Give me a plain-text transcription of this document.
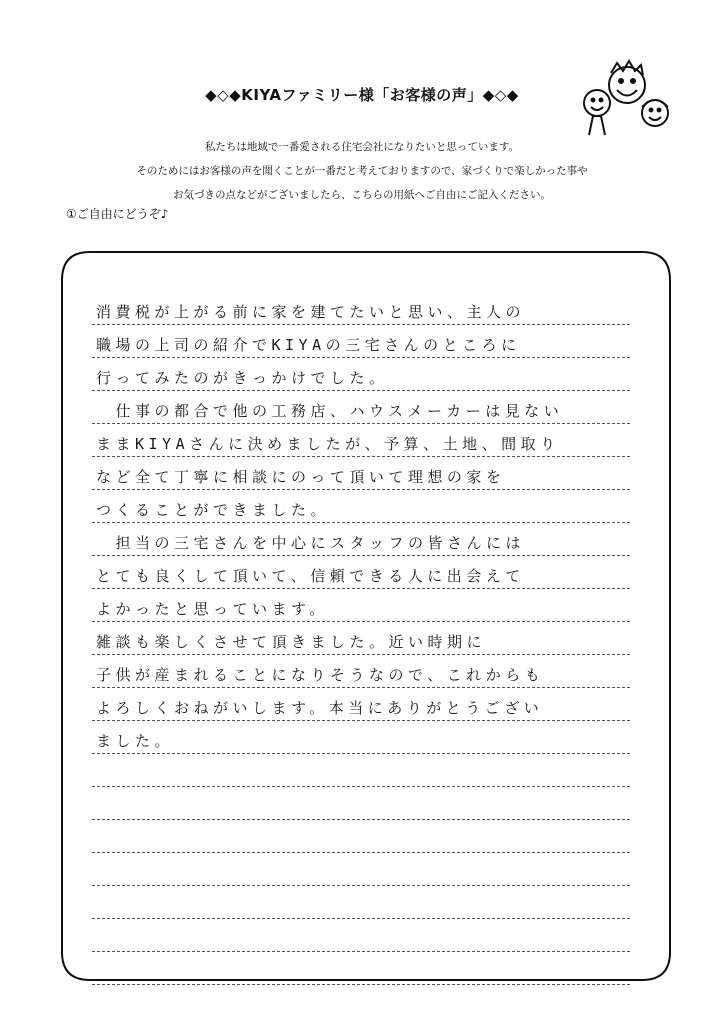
◆◇◆KIYAファミリー様「お客様の声」◆◇◆
私たちは地域で一番愛される住宅会社になりたいと思っています。
そのためにはお客様の声を聞くことが一番だと考えておりますので、家づくりで楽しかった事や
お気づきの点などがございましたら、こちらの用紙へご自由にご記入ください。
①ご自由にどうぞ♪
消費税が上がる前に家を建てたいと思い、主人の
職場の上司の紹介でKIYAの三宅さんのところに
行ってみたのがきっかけでした。
　仕事の都合で他の工務店、ハウスメーカーは見ない
ままKIYAさんに決めましたが、予算、土地、間取り
など全て丁寧に相談にのって頂いて理想の家を
つくることができました。
　担当の三宅さんを中心にスタッフの皆さんには
とても良くして頂いて、信頼できる人に出会えて
よかったと思っています。
雑談も楽しくさせて頂きました。近い時期に
子供が産まれることになりそうなので、これからも
よろしくおねがいします。本当にありがとうござい
ました。
